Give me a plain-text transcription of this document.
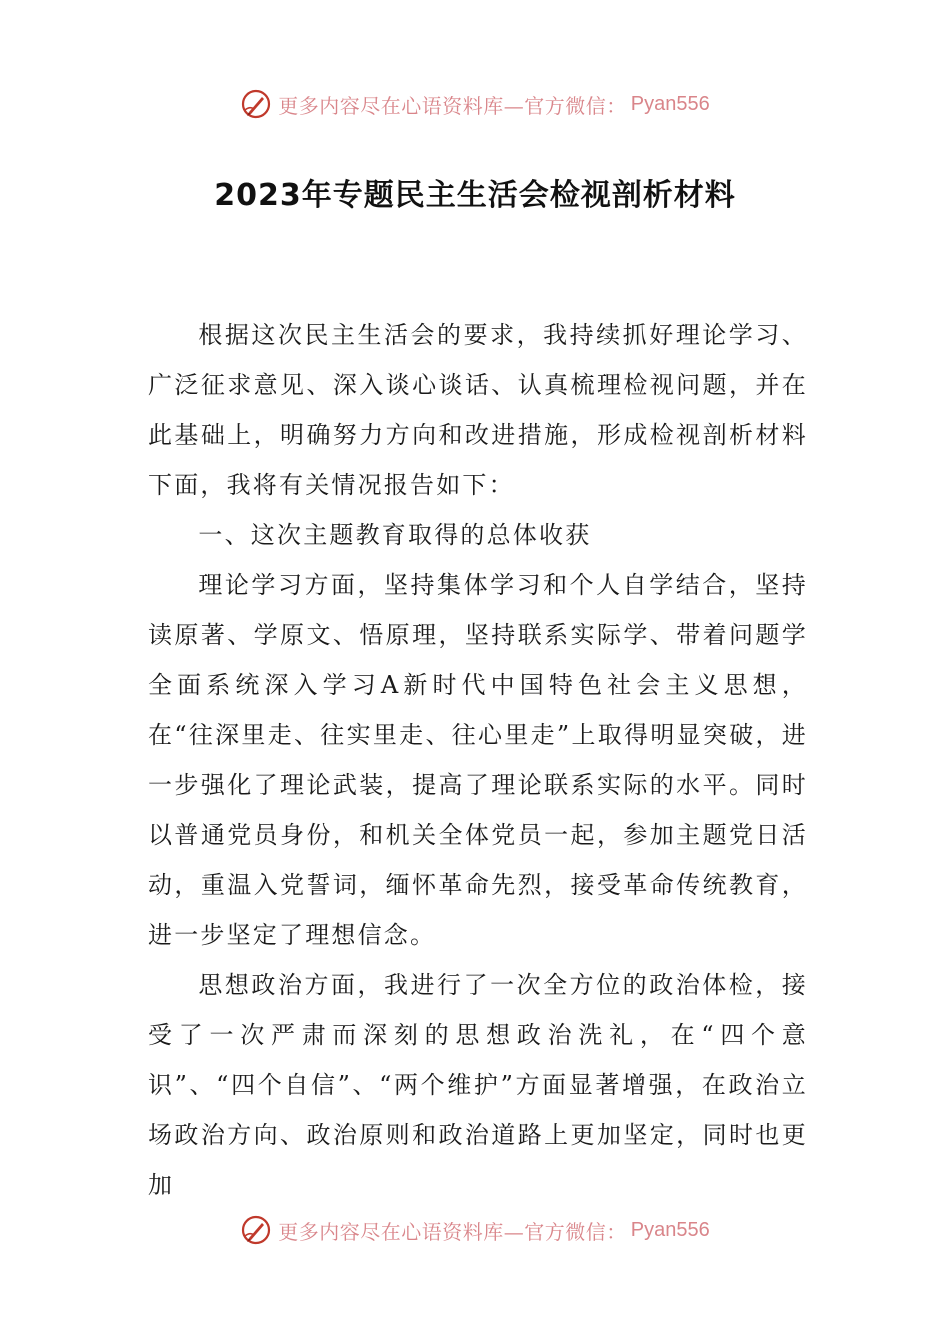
更多内容尽在心语资料库—官方微信： Pyan556
2023年专题民主生活会检视剖析材料

根据这次民主生活会的要求，我持续抓好理论学习、广泛征求意见、深入谈心谈话、认真梳理检视问题，并在此基础上，明确努力方向和改进措施，形成检视剖析材料下面，我将有关情况报告如下：

一、这次主题教育取得的总体收获

理论学习方面，坚持集体学习和个人自学结合，坚持读原著、学原文、悟原理，坚持联系实际学、带着问题学全面系统深入学习A新时代中国特色社会主义思想，在“往深里走、往实里走、往心里走”上取得明显突破，进一步强化了理论武装，提高了理论联系实际的水平。同时以普通党员身份，和机关全体党员一起，参加主题党日活动，重温入党誓词，缅怀革命先烈，接受革命传统教育，进一步坚定了理想信念。

思想政治方面，我进行了一次全方位的政治体检，接受了一次严肃而深刻的思想政治洗礼，在“四个意识”、“四个自信”、“两个维护”方面显著增强，在政治立场政治方向、政治原则和政治道路上更加坚定，同时也更加

更多内容尽在心语资料库—官方微信： Pyan556
